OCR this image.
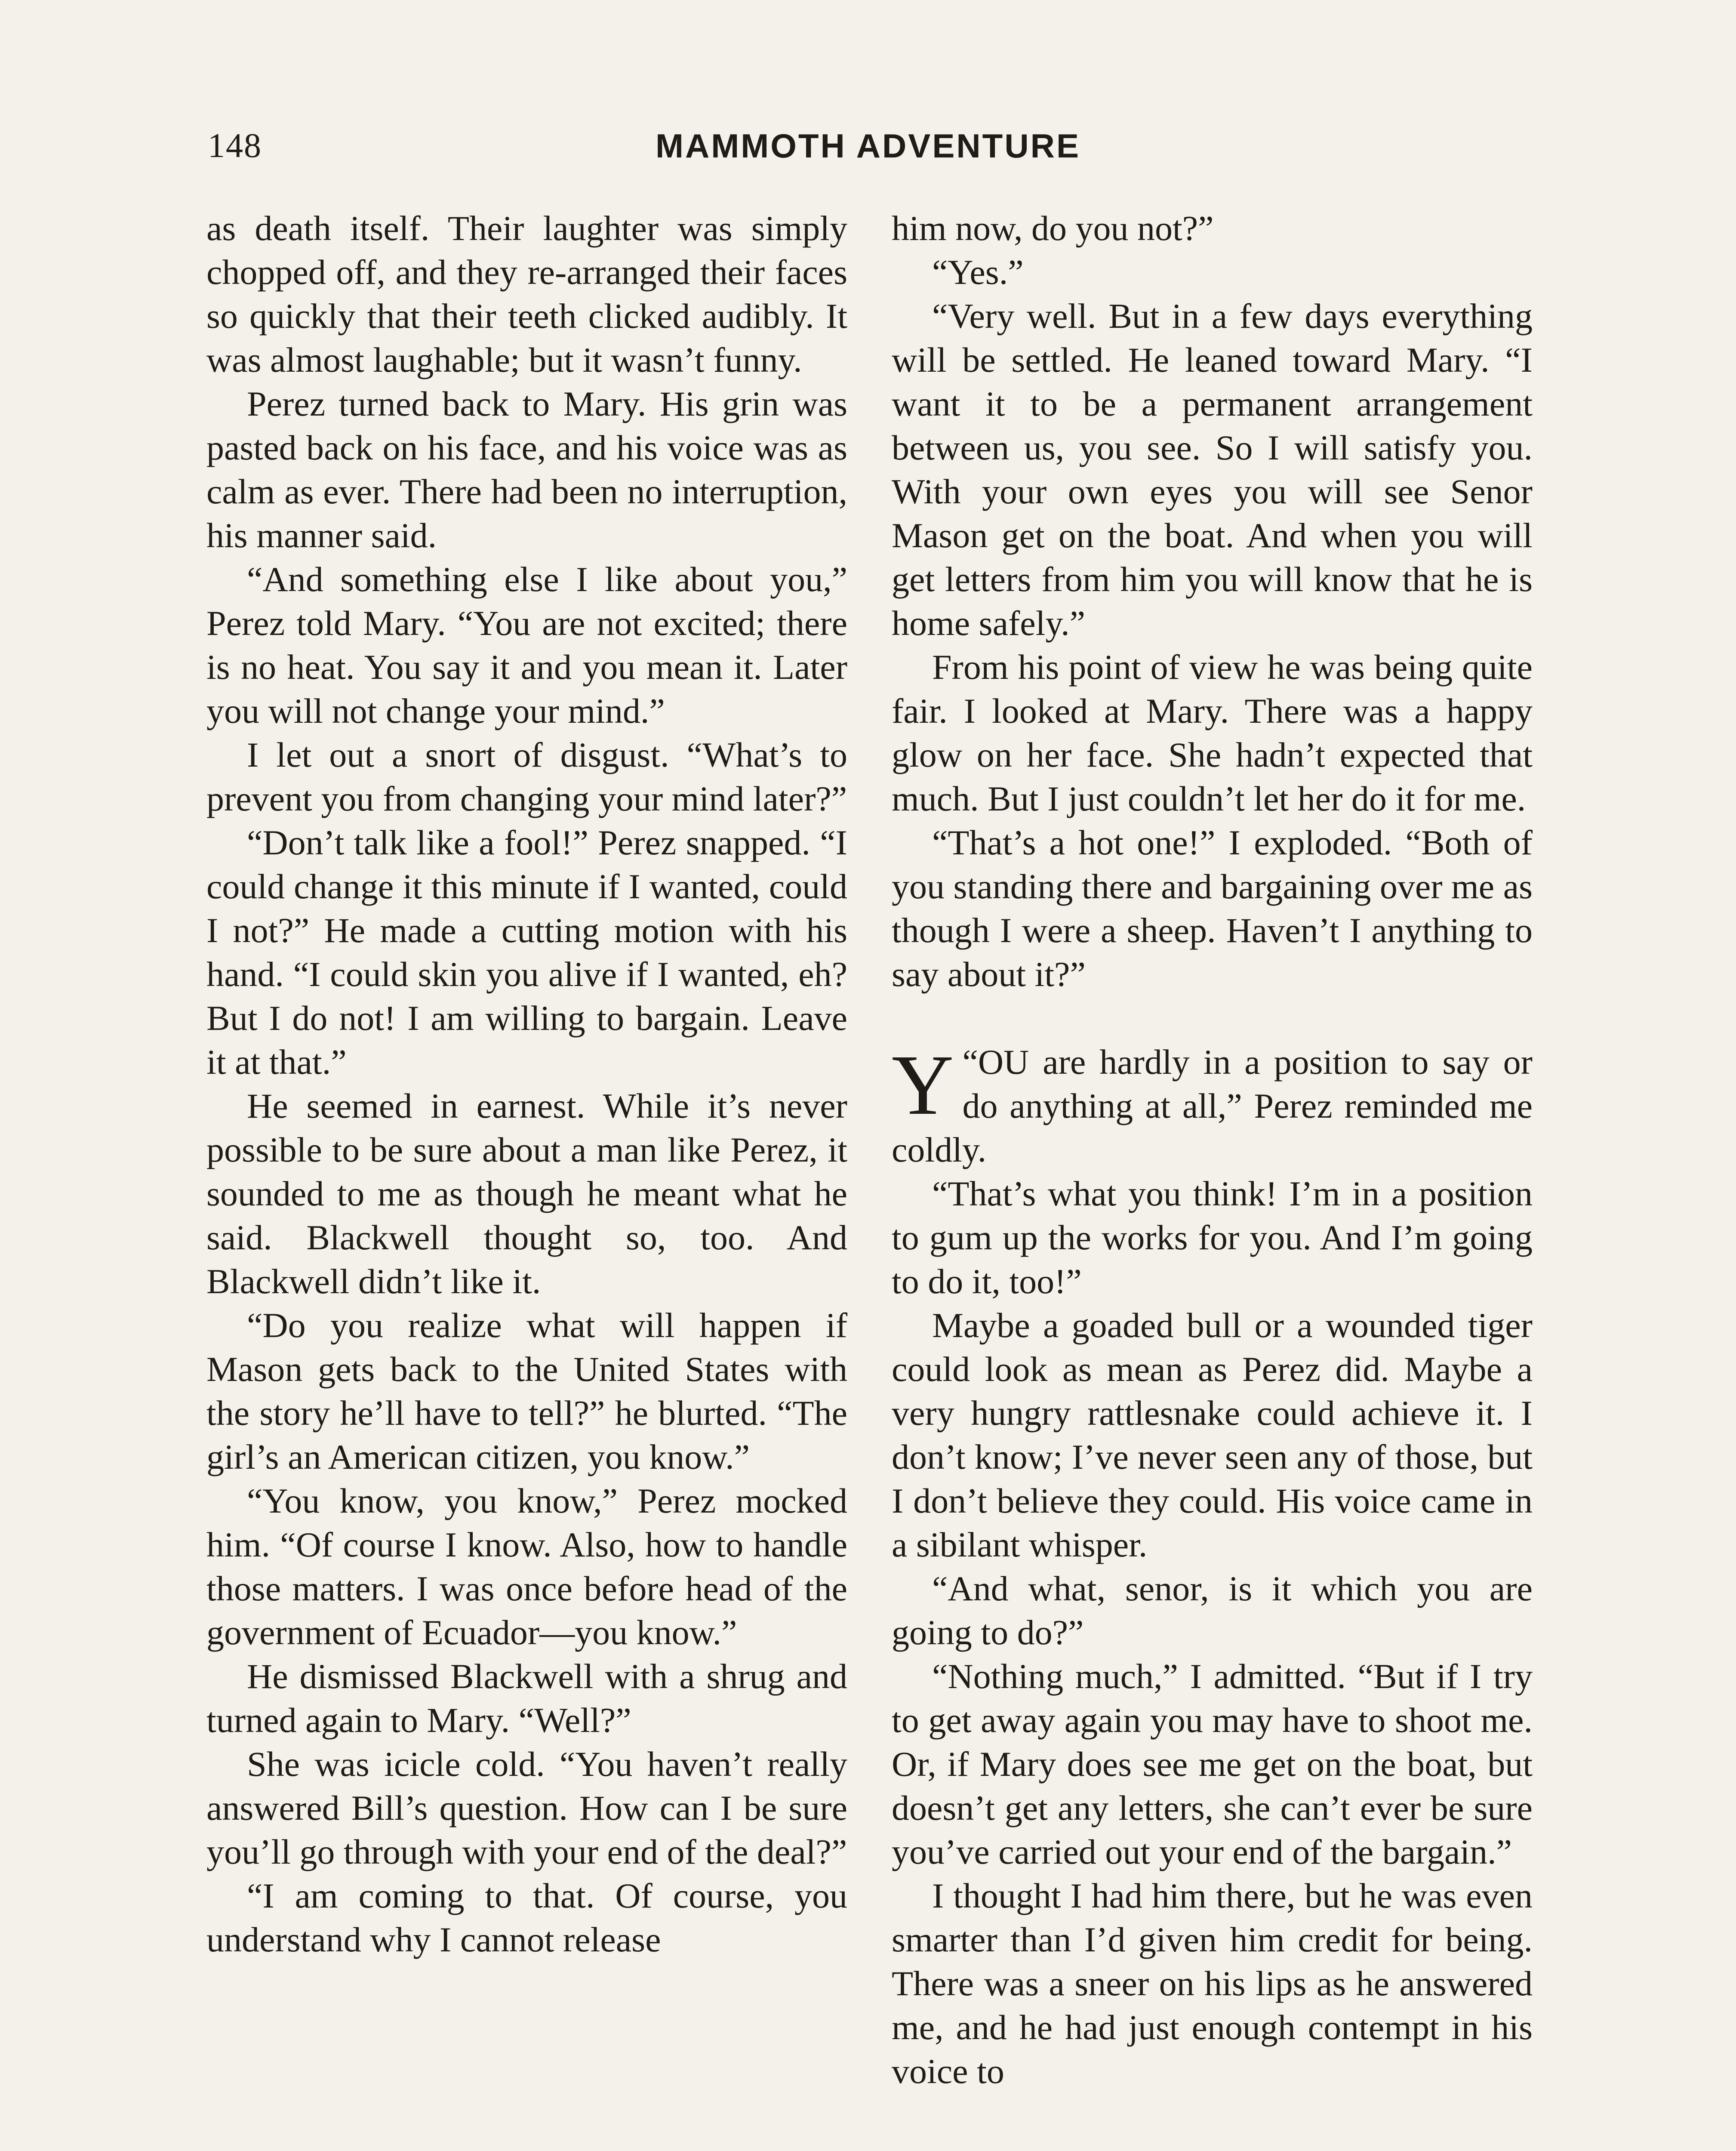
148	MAMMOTH ADVENTURE

as death itself. Their laughter was simply chopped off, and they re-arranged their faces so quickly that their teeth clicked audibly. It was almost laughable; but it wasn’t funny.

Perez turned back to Mary. His grin was pasted back on his face, and his voice was as calm as ever. There had been no interruption, his manner said.

“And something else I like about you,” Perez told Mary. “You are not excited; there is no heat. You say it and you mean it. Later you will not change your mind.”

I let out a snort of disgust. “What’s to prevent you from changing your mind later?”

“Don’t talk like a fool!” Perez snapped. “I could change it this minute if I wanted, could I not?” He made a cutting motion with his hand. “I could skin you alive if I wanted, eh? But I do not! I am willing to bargain. Leave it at that.”

He seemed in earnest. While it’s never possible to be sure about a man like Perez, it sounded to me as though he meant what he said. Blackwell thought so, too. And Blackwell didn’t like it.

“Do you realize what will happen if Mason gets back to the United States with the story he’ll have to tell?” he blurted. “The girl’s an American citizen, you know.”

“You know, you know,” Perez mocked him. “Of course I know. Also, how to handle those matters. I was once before head of the government of Ecuador—you know.”

He dismissed Blackwell with a shrug and turned again to Mary. “Well?”

She was icicle cold. “You haven’t really answered Bill’s question. How can I be sure you’ll go through with your end of the deal?”

“I am coming to that. Of course, you understand why I cannot release

him now, do you not?”

“Yes.”

“Very well. But in a few days everything will be settled. He leaned toward Mary. “I want it to be a permanent arrangement between us, you see. So I will satisfy you. With your own eyes you will see Senor Mason get on the boat. And when you will get letters from him you will know that he is home safely.”

From his point of view he was being quite fair. I looked at Mary. There was a happy glow on her face. She hadn’t expected that much. But I just couldn’t let her do it for me.

“That’s a hot one!” I exploded. “Both of you standing there and bargaining over me as though I were a sheep. Haven’t I anything to say about it?”

“
Y OU are hardly in a position to say or do anything at all,” Perez reminded me coldly.

“That’s what you think! I’m in a position to gum up the works for you. And I’m going to do it, too!”

Maybe a goaded bull or a wounded tiger could look as mean as Perez did. Maybe a very hungry rattlesnake could achieve it. I don’t know; I’ve never seen any of those, but I don’t believe they could. His voice came in a sibilant whisper.

“And what, senor, is it which you are going to do?”

“Nothing much,” I admitted. “But if I try to get away again you may have to shoot me. Or, if Mary does see me get on the boat, but doesn’t get any letters, she can’t ever be sure you’ve carried out your end of the bargain.”

I thought I had him there, but he was even smarter than I’d given him credit for being. There was a sneer on his lips as he answered me, and he had just enough contempt in his voice to
